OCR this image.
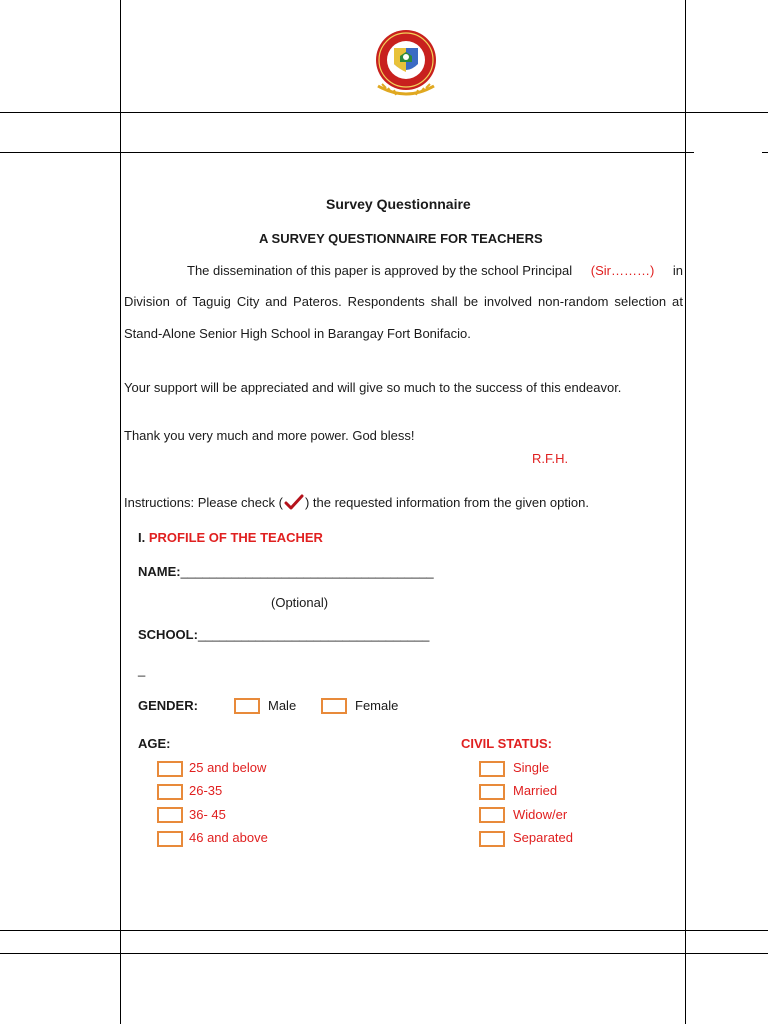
Survey Questionnaire
A SURVEY QUESTIONNAIRE FOR TEACHERS
The dissemination of this paper is approved by the school Principal (Sir………) in
Division of Taguig City and Pateros. Respondents shall be involved non-random selection at
Stand-Alone Senior High School in Barangay Fort Bonifacio.
Your support will be appreciated and will give so much to the success of this endeavor.
Thank you very much and more power. God bless!
R.F.H.
Instructions: Please check ( ) the requested information from the given option.
I. PROFILE OF THE TEACHER
NAME:___________________________________
(Optional)
SCHOOL:________________________________
_
GENDER:	Male	Female
AGE:
25 and below
26-35
36- 45
46 and above
CIVIL STATUS:
Single
Married
Widow/er
Separated
